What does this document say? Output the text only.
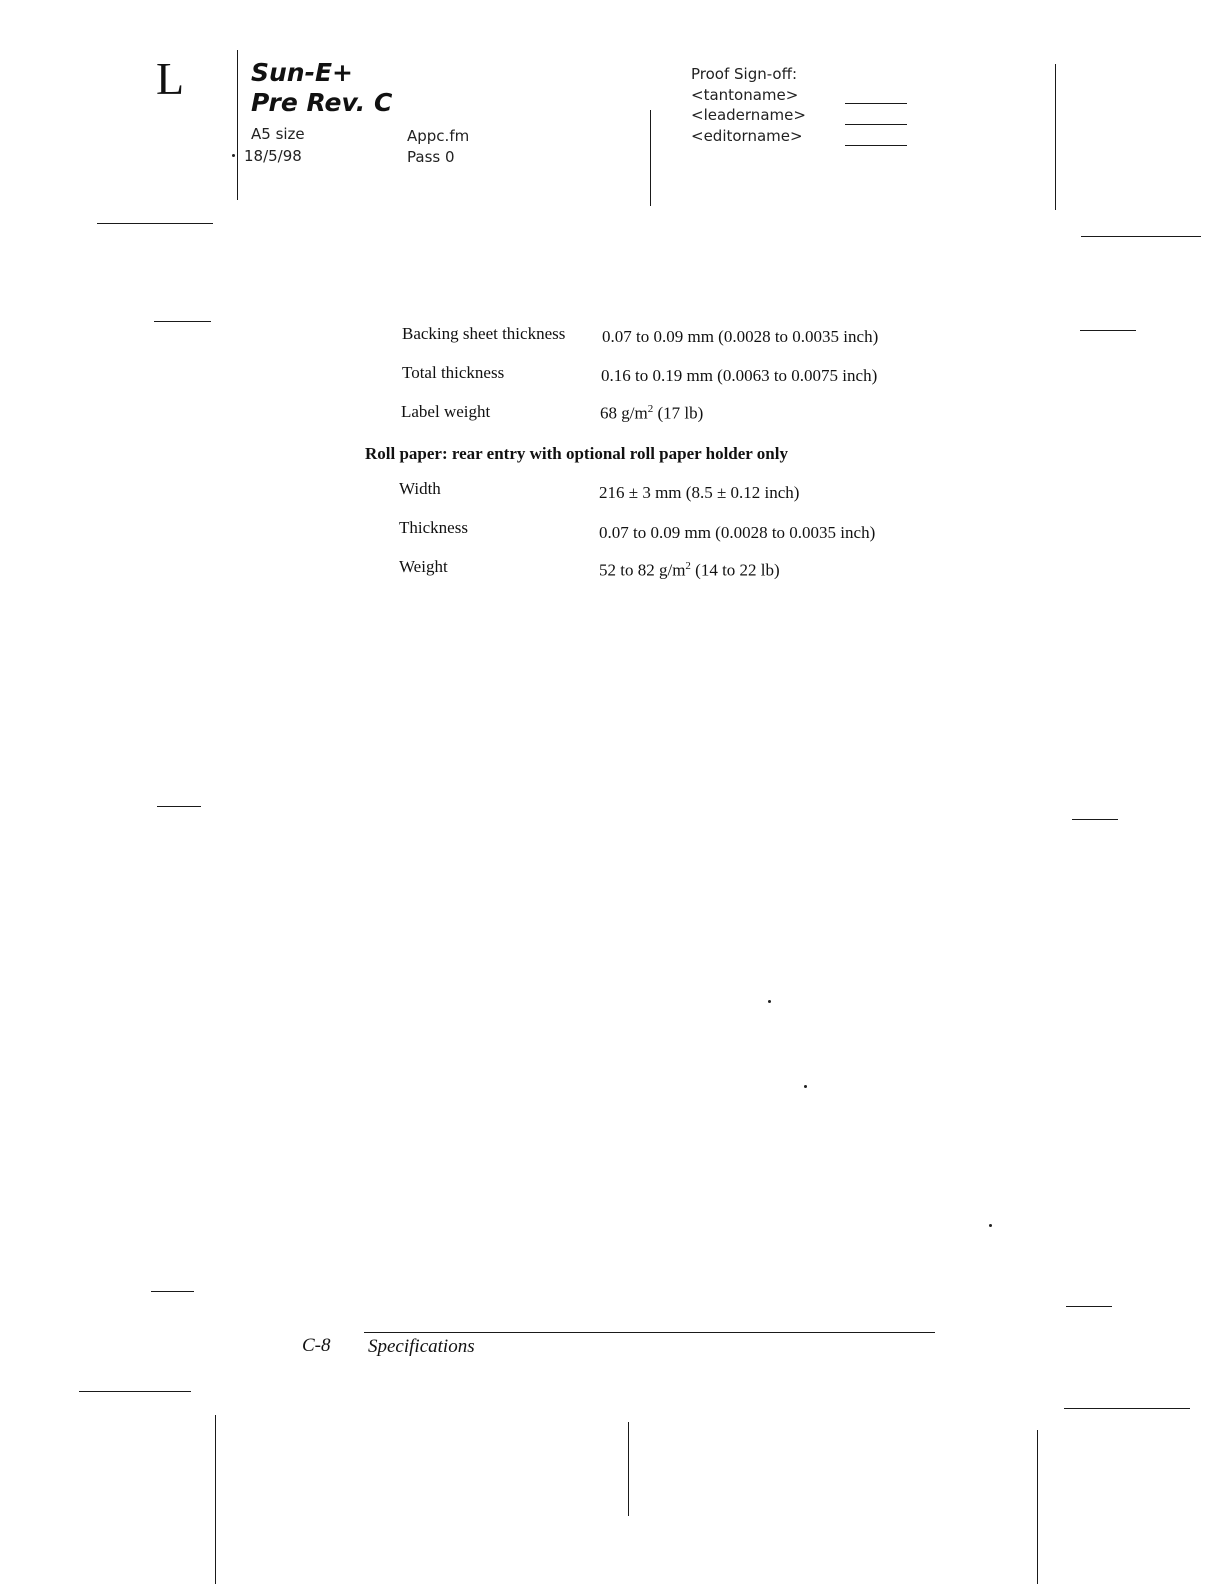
L	Sun-E+
Pre Rev. C
A5 size
18/5/98
Appc.fm
Pass 0
Proof Sign-off:
<tantoname>
<leadername>
<editorname>
Backing sheet thickness 0.07 to 0.09 mm (0.0028 to 0.0035 inch)
Total thickness	0.16 to 0.19 mm (0.0063 to 0.0075 inch)
Label weight	68 $g/m^2$ (17 lb)
Roll paper: rear entry with optional roll paper holder only
Width	216 ± 3 mm (8.5 ± 0.12 inch)
Thickness	0.07 to 0.09 mm (0.0028 to 0.0035 inch)
Weight	52 to 82 $g/m^2$ (14 to 22 lb)
C-8 Specifications
